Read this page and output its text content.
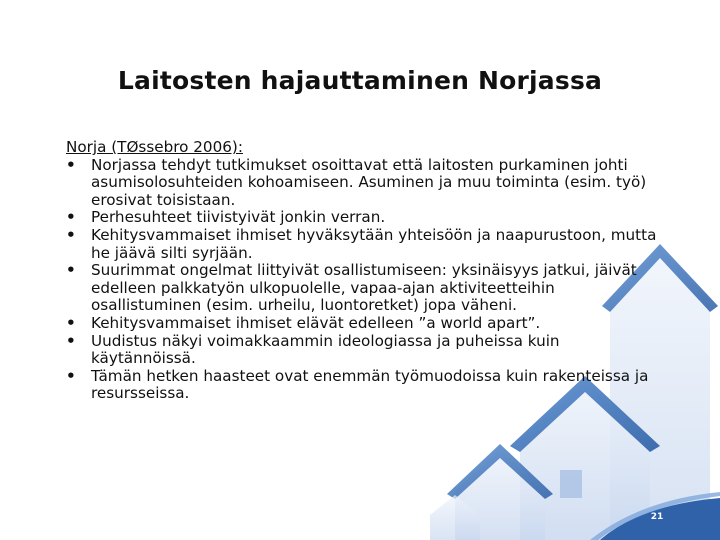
Laitosten hajauttaminen Norjassa
Norja (TØssebro 2006):
• Norjassa tehdyt tutkimukset osoittavat että laitosten purkaminen johti asumisolosuhteiden kohoamiseen. Asuminen ja muu toiminta (esim. työ) erosivat toisistaan.
• Perhesuhteet tiivistyivät jonkin verran.
• Kehitysvammaiset ihmiset hyväksytään yhteisöön ja naapurustoon, mutta he jäävä silti syrjään.
• Suurimmat ongelmat liittyivät osallistumiseen: yksinäisyys jatkui, jäivät edelleen palkkatyön ulkopuolelle, vapaa-ajan aktiviteetteihin osallistuminen (esim. urheilu, luontoretket) jopa väheni.
• Kehitysvammaiset ihmiset elävät edelleen ”a world apart”.
• Uudistus näkyi voimakkaammin ideologiassa ja puheissa kuin käytännöissä.
• Tämän hetken haasteet ovat enemmän työmuodoissa kuin rakenteissa ja resursseissa.
21
